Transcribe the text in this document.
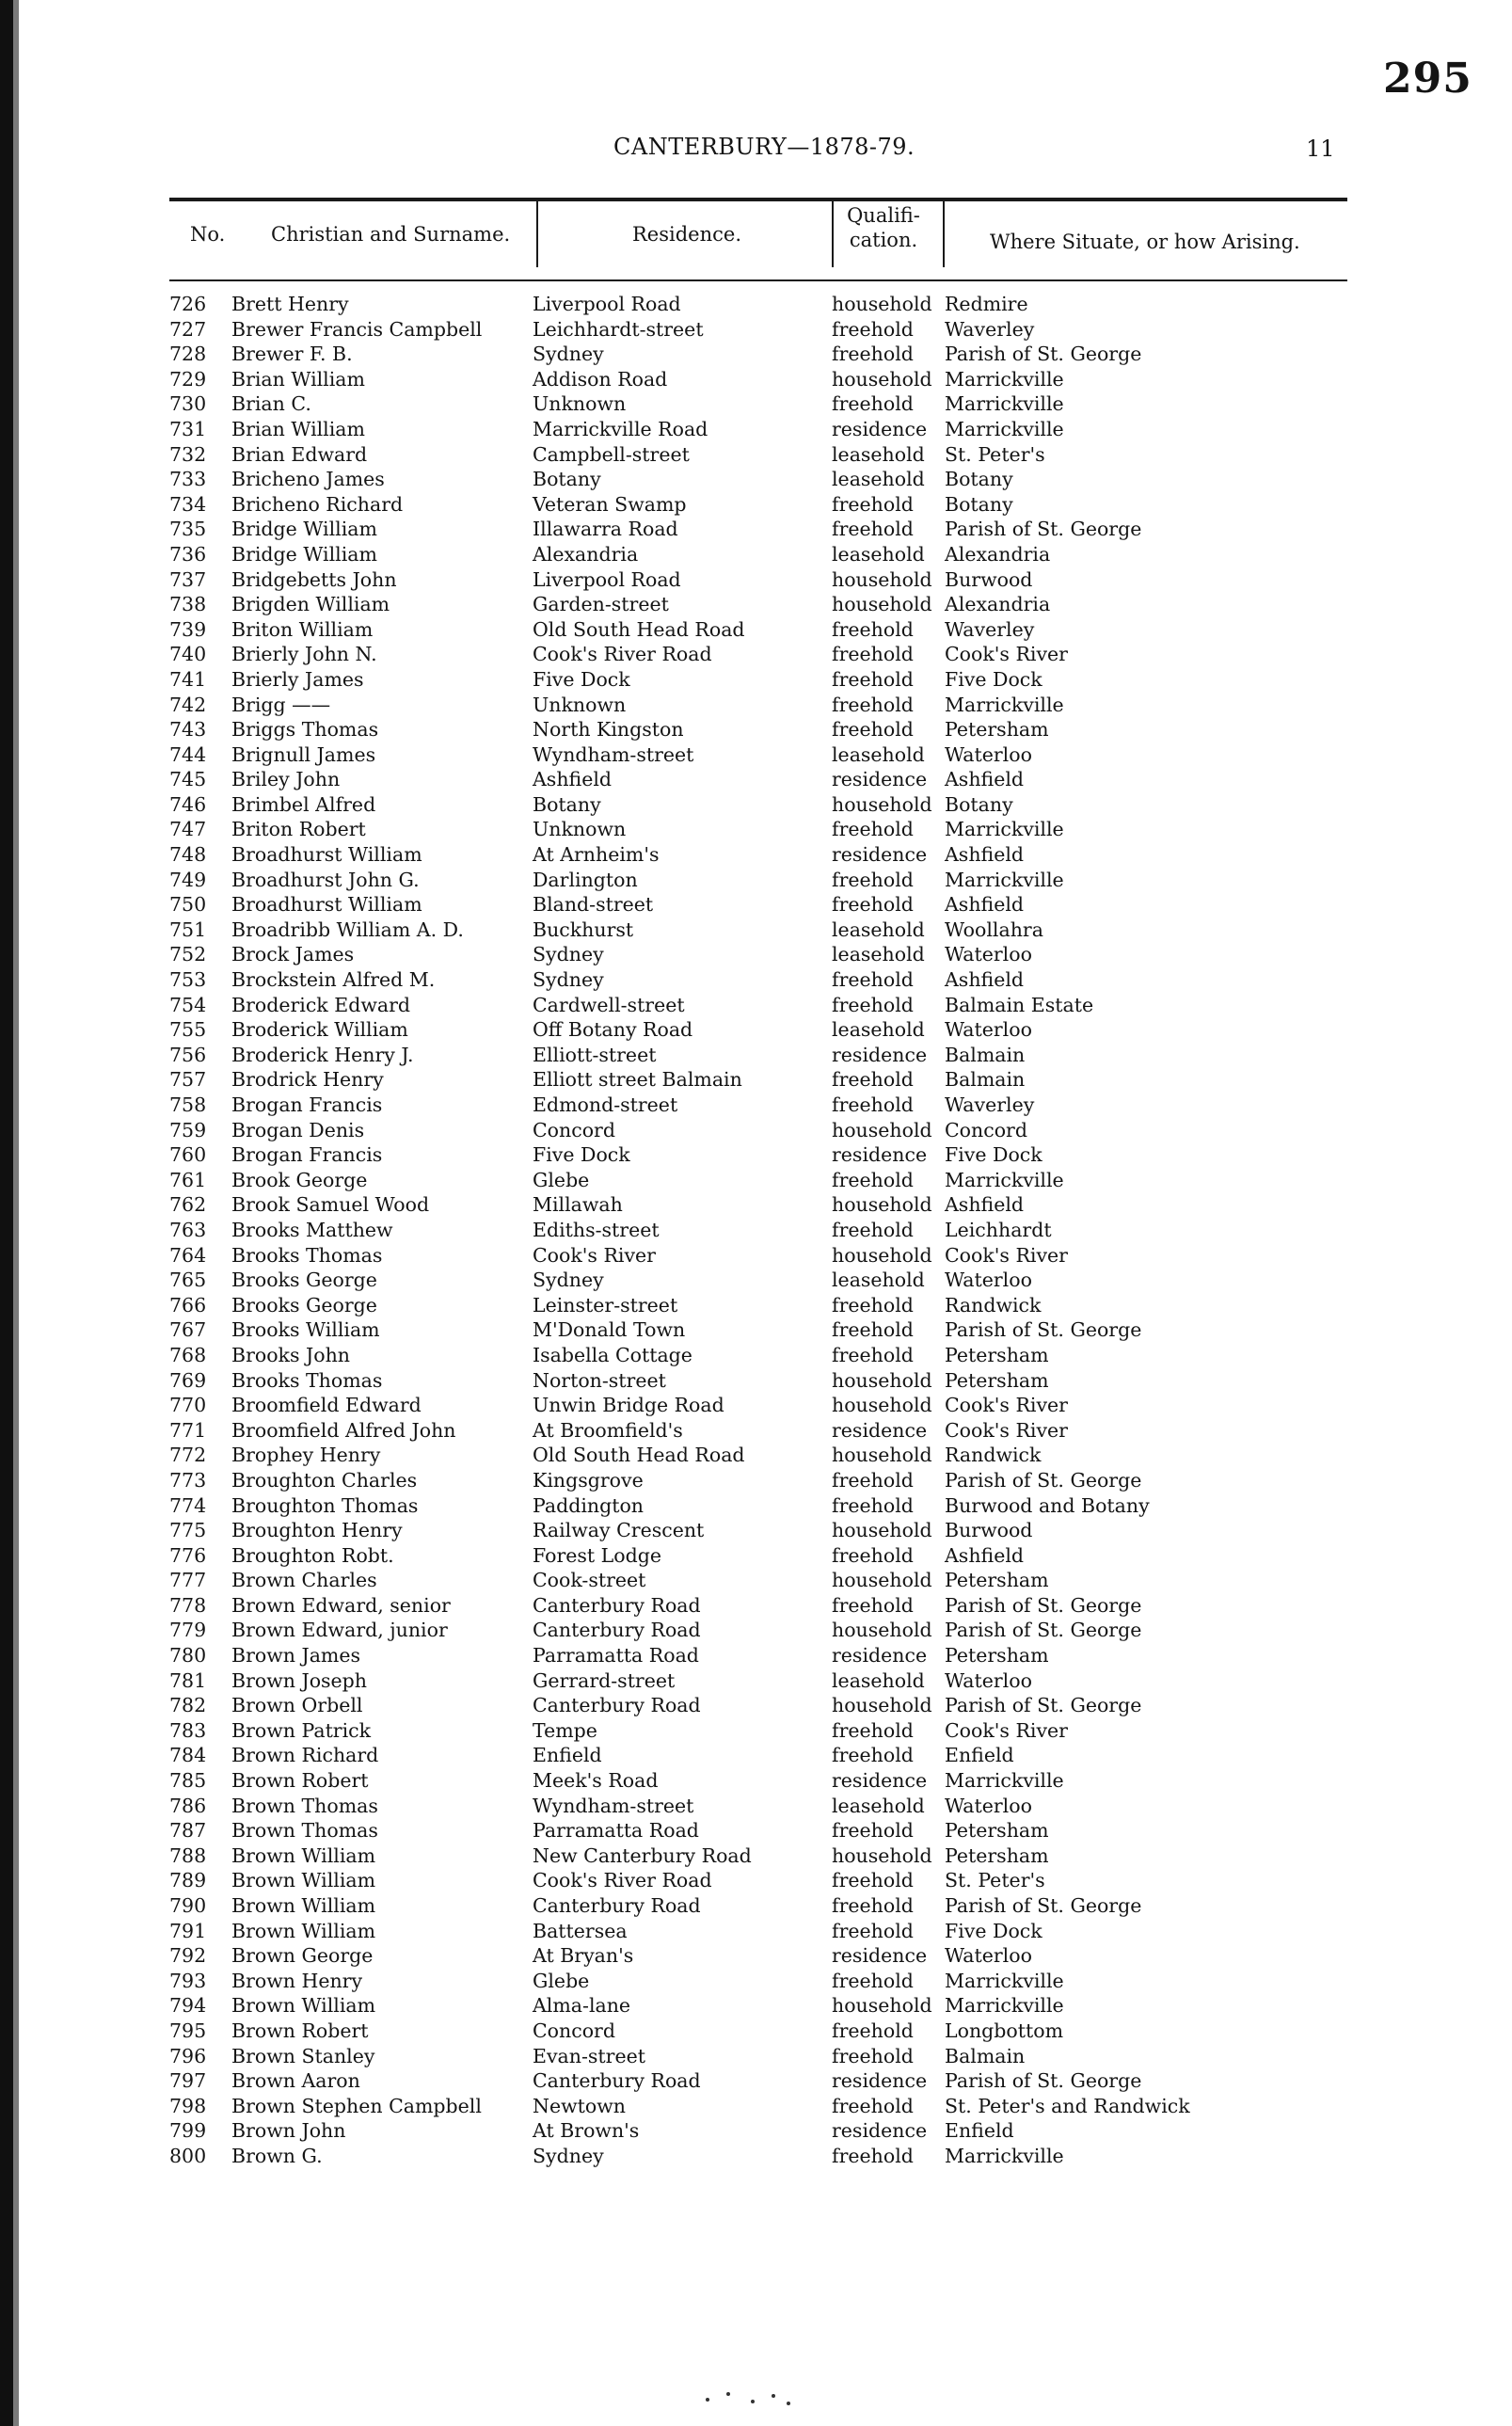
295
CANTERBURY—1878-79.	11
No. Christian and Surname.	Residence.
Qualifi-
cation.	Where Situate, or how Arising.
726	Brett Henry	Liverpool Road	household Redmire
727	Brewer Francis Campbell	Leichhardt-street	freehold Waverley
728	Brewer F. B.	Sydney	freehold Parish of St. George
729	Brian William	Addison Road	household Marrickville
730	Brian C.	Unknown	freehold Marrickville
731	Brian William	Marrickville Road	residence Marrickville
732	Brian Edward	Campbell-street	leasehold St. Peter's
733	Bricheno James	Botany	leasehold Botany
734	Bricheno Richard	Veteran Swamp	freehold Botany
735	Bridge William	Illawarra Road	freehold Parish of St. George
736	Bridge William	Alexandria	leasehold Alexandria
737	Bridgebetts John	Liverpool Road	household Burwood
738	Brigden William	Garden-street	household Alexandria
739	Briton William	Old South Head Road	freehold Waverley
740	Brierly John N.	Cook's River Road	freehold Cook's River
741	Brierly James	Five Dock	freehold Five Dock
742	Brigg ——	Unknown	freehold Marrickville
743	Briggs Thomas	North Kingston	freehold Petersham
744	Brignull James	Wyndham-street	leasehold Waterloo
745	Briley John	Ashfield	residence Ashfield
746	Brimbel Alfred	Botany	household Botany
747	Briton Robert	Unknown	freehold Marrickville
748	Broadhurst William	At Arnheim's	residence Ashfield
749	Broadhurst John G.	Darlington	freehold Marrickville
750	Broadhurst William	Bland-street	freehold Ashfield
751	Broadribb William A. D.	Buckhurst	leasehold Woollahra
752	Brock James	Sydney	leasehold Waterloo
753	Brockstein Alfred M.	Sydney	freehold Ashfield
754	Broderick Edward	Cardwell-street	freehold Balmain Estate
755	Broderick William	Off Botany Road	leasehold Waterloo
756	Broderick Henry J.	Elliott-street	residence Balmain
757	Brodrick Henry	Elliott street Balmain	freehold Balmain
758	Brogan Francis	Edmond-street	freehold Waverley
759	Brogan Denis	Concord	household Concord
760	Brogan Francis	Five Dock	residence Five Dock
761	Brook George	Glebe	freehold Marrickville
762	Brook Samuel Wood	Millawah	household Ashfield
763	Brooks Matthew	Ediths-street	freehold Leichhardt
764	Brooks Thomas	Cook's River	household Cook's River
765	Brooks George	Sydney	leasehold Waterloo
766	Brooks George	Leinster-street	freehold Randwick
767	Brooks William	M'Donald Town	freehold Parish of St. George
768	Brooks John	Isabella Cottage	freehold Petersham
769	Brooks Thomas	Norton-street	household Petersham
770	Broomfield Edward	Unwin Bridge Road	household Cook's River
771	Broomfield Alfred John	At Broomfield's	residence Cook's River
772	Brophey Henry	Old South Head Road	household Randwick
773	Broughton Charles	Kingsgrove	freehold Parish of St. George
774	Broughton Thomas	Paddington	freehold Burwood and Botany
775	Broughton Henry	Railway Crescent	household Burwood
776	Broughton Robt.	Forest Lodge	freehold Ashfield
777	Brown Charles	Cook-street	household Petersham
778	Brown Edward, senior	Canterbury Road	freehold Parish of St. George
779	Brown Edward, junior	Canterbury Road	household Parish of St. George
780	Brown James	Parramatta Road	residence Petersham
781	Brown Joseph	Gerrard-street	leasehold Waterloo
782	Brown Orbell	Canterbury Road	household Parish of St. George
783	Brown Patrick	Tempe	freehold Cook's River
784	Brown Richard	Enfield	freehold Enfield
785	Brown Robert	Meek's Road	residence Marrickville
786	Brown Thomas	Wyndham-street	leasehold Waterloo
787	Brown Thomas	Parramatta Road	freehold Petersham
788	Brown William	New Canterbury Road	household Petersham
789	Brown William	Cook's River Road	freehold St. Peter's
790	Brown William	Canterbury Road	freehold Parish of St. George
791	Brown William	Battersea	freehold Five Dock
792	Brown George	At Bryan's	residence Waterloo
793	Brown Henry	Glebe	freehold Marrickville
794	Brown William	Alma-lane	household Marrickville
795	Brown Robert	Concord	freehold Longbottom
796	Brown Stanley	Evan-street	freehold Balmain
797	Brown Aaron	Canterbury Road	residence Parish of St. George
798	Brown Stephen Campbell	Newtown	freehold St. Peter's and Randwick
799	Brown John	At Brown's	residence Enfield
800	Brown G.	Sydney	freehold Marrickville
